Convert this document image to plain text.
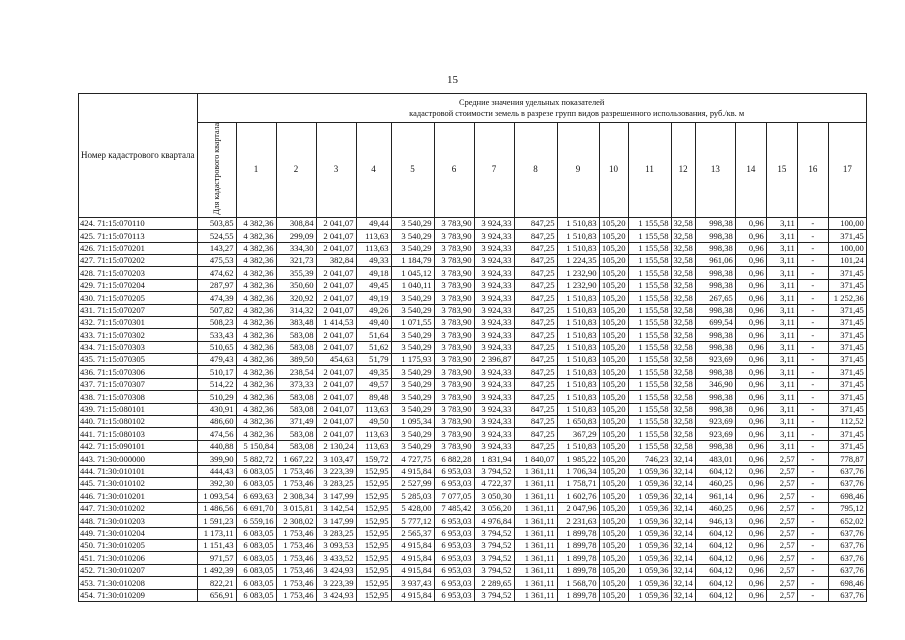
15
Номер кадастрового квартала	Средние значения удельных показателей
кадастровой стоимости земель в разрезе групп видов разрешенного использования, руб./кв. м																	

	Для кадастрового квартала	1	2	3	4	5	6	7	8	9	10	11	12	13	14	15	16	17
424. 71:15:070110	503,85	4 382,36	308,84	2 041,07	49,44	3 540,29	3 783,90	3 924,33	847,25	1 510,83	105,20	1 155,58	32,58	998,38	0,96	3,11	-	100,00
425. 71:15:070113	524,55	4 382,36	299,09	2 041,07	113,63	3 540,29	3 783,90	3 924,33	847,25	1 510,83	105,20	1 155,58	32,58	998,38	0,96	3,11	-	371,45
426. 71:15:070201	143,27	4 382,36	334,30	2 041,07	113,63	3 540,29	3 783,90	3 924,33	847,25	1 510,83	105,20	1 155,58	32,58	998,38	0,96	3,11	-	100,00
427. 71:15:070202	475,53	4 382,36	321,73	382,84	49,33	1 184,79	3 783,90	3 924,33	847,25	1 224,35	105,20	1 155,58	32,58	961,06	0,96	3,11	-	101,24
428. 71:15:070203	474,62	4 382,36	355,39	2 041,07	49,18	1 045,12	3 783,90	3 924,33	847,25	1 232,90	105,20	1 155,58	32,58	998,38	0,96	3,11	-	371,45
429. 71:15:070204	287,97	4 382,36	350,60	2 041,07	49,45	1 040,11	3 783,90	3 924,33	847,25	1 232,90	105,20	1 155,58	32,58	998,38	0,96	3,11	-	371,45
430. 71:15:070205	474,39	4 382,36	320,92	2 041,07	49,19	3 540,29	3 783,90	3 924,33	847,25	1 510,83	105,20	1 155,58	32,58	267,65	0,96	3,11	-	1 252,36
431. 71:15:070207	507,82	4 382,36	314,32	2 041,07	49,26	3 540,29	3 783,90	3 924,33	847,25	1 510,83	105,20	1 155,58	32,58	998,38	0,96	3,11	-	371,45
432. 71:15:070301	508,23	4 382,36	383,48	1 414,53	49,40	1 071,55	3 783,90	3 924,33	847,25	1 510,83	105,20	1 155,58	32,58	699,54	0,96	3,11	-	371,45
433. 71:15:070302	533,43	4 382,36	583,08	2 041,07	51,64	3 540,29	3 783,90	3 924,33	847,25	1 510,83	105,20	1 155,58	32,58	998,38	0,96	3,11	-	371,45
434. 71:15:070303	510,65	4 382,36	583,08	2 041,07	51,62	3 540,29	3 783,90	3 924,33	847,25	1 510,83	105,20	1 155,58	32,58	998,38	0,96	3,11	-	371,45
435. 71:15:070305	479,43	4 382,36	389,50	454,63	51,79	1 175,93	3 783,90	2 396,87	847,25	1 510,83	105,20	1 155,58	32,58	923,69	0,96	3,11	-	371,45
436. 71:15:070306	510,17	4 382,36	238,54	2 041,07	49,35	3 540,29	3 783,90	3 924,33	847,25	1 510,83	105,20	1 155,58	32,58	998,38	0,96	3,11	-	371,45
437. 71:15:070307	514,22	4 382,36	373,33	2 041,07	49,57	3 540,29	3 783,90	3 924,33	847,25	1 510,83	105,20	1 155,58	32,58	346,90	0,96	3,11	-	371,45
438. 71:15:070308	510,29	4 382,36	583,08	2 041,07	89,48	3 540,29	3 783,90	3 924,33	847,25	1 510,83	105,20	1 155,58	32,58	998,38	0,96	3,11	-	371,45
439. 71:15:080101	430,91	4 382,36	583,08	2 041,07	113,63	3 540,29	3 783,90	3 924,33	847,25	1 510,83	105,20	1 155,58	32,58	998,38	0,96	3,11	-	371,45
440. 71:15:080102	486,60	4 382,36	371,49	2 041,07	49,50	1 095,34	3 783,90	3 924,33	847,25	1 650,83	105,20	1 155,58	32,58	923,69	0,96	3,11	-	112,52
441. 71:15:080103	474,56	4 382,36	583,08	2 041,07	113,63	3 540,29	3 783,90	3 924,33	847,25	367,29	105,20	1 155,58	32,58	923,69	0,96	3,11	-	371,45
442. 71:15:090101	440,88	5 150,84	583,08	2 130,24	113,63	3 540,29	3 783,90	3 924,33	847,25	1 510,83	105,20	1 155,58	32,58	998,38	0,96	3,11	-	371,45
443. 71:30:000000	399,90	5 882,72	1 667,22	3 103,47	159,72	4 727,75	6 882,28	1 831,94	1 840,07	1 985,22	105,20	746,23	32,14	483,01	0,96	2,57	-	778,87
444. 71:30:010101	444,43	6 083,05	1 753,46	3 223,39	152,95	4 915,84	6 953,03	3 794,52	1 361,11	1 706,34	105,20	1 059,36	32,14	604,12	0,96	2,57	-	637,76
445. 71:30:010102	392,30	6 083,05	1 753,46	3 283,25	152,95	2 527,99	6 953,03	4 722,37	1 361,11	1 758,71	105,20	1 059,36	32,14	460,25	0,96	2,57	-	637,76
446. 71:30:010201	1 093,54	6 693,63	2 308,34	3 147,99	152,95	5 285,03	7 077,05	3 050,30	1 361,11	1 602,76	105,20	1 059,36	32,14	961,14	0,96	2,57	-	698,46
447. 71:30:010202	1 486,56	6 691,70	3 015,81	3 142,54	152,95	5 428,00	7 485,42	3 056,20	1 361,11	2 047,96	105,20	1 059,36	32,14	460,25	0,96	2,57	-	795,12
448. 71:30:010203	1 591,23	6 559,16	2 308,02	3 147,99	152,95	5 777,12	6 953,03	4 976,84	1 361,11	2 231,63	105,20	1 059,36	32,14	946,13	0,96	2,57	-	652,02
449. 71:30:010204	1 173,11	6 083,05	1 753,46	3 283,25	152,95	2 565,37	6 953,03	3 794,52	1 361,11	1 899,78	105,20	1 059,36	32,14	604,12	0,96	2,57	-	637,76
450. 71:30:010205	1 151,43	6 083,05	1 753,46	3 093,53	152,95	4 915,84	6 953,03	3 794,52	1 361,11	1 899,78	105,20	1 059,36	32,14	604,12	0,96	2,57	-	637,76
451. 71:30:010206	971,57	6 083,05	1 753,46	3 433,52	152,95	4 915,84	6 953,03	3 794,52	1 361,11	1 899,78	105,20	1 059,36	32,14	604,12	0,96	2,57	-	637,76
452. 71:30:010207	1 492,39	6 083,05	1 753,46	3 424,93	152,95	4 915,84	6 953,03	3 794,52	1 361,11	1 899,78	105,20	1 059,36	32,14	604,12	0,96	2,57	-	637,76
453. 71:30:010208	822,21	6 083,05	1 753,46	3 223,39	152,95	3 937,43	6 953,03	2 289,65	1 361,11	1 568,70	105,20	1 059,36	32,14	604,12	0,96	2,57	-	698,46
454. 71:30:010209	656,91	6 083,05	1 753,46	3 424,93	152,95	4 915,84	6 953,03	3 794,52	1 361,11	1 899,78	105,20	1 059,36	32,14	604,12	0,96	2,57	-	637,76
